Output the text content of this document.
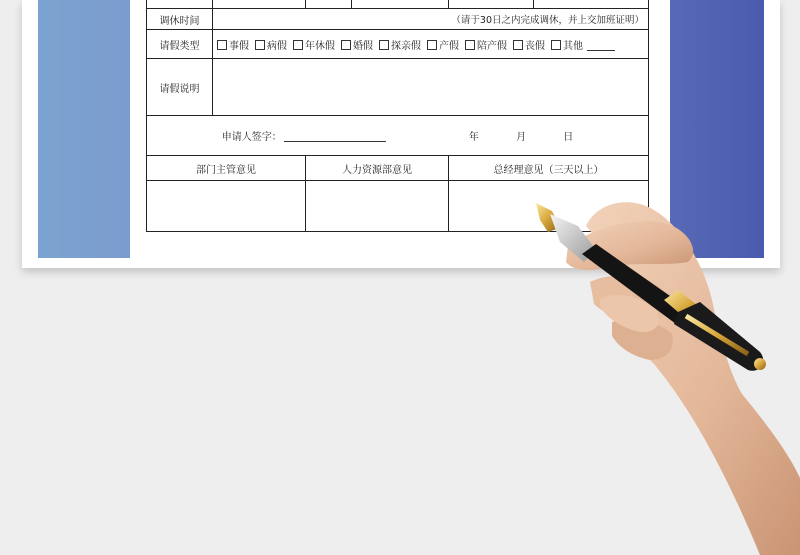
调休时间	（请于30日之内完成调休，并上交加班证明）				
请假类型	事假 病假 年休假 婚假 探亲假 产假 陪产假 丧假 其他				
请假说明					
申请人签字： 年 月 日					
部门主管意见		人力资源部意见		总经理意见（三天以上）	
